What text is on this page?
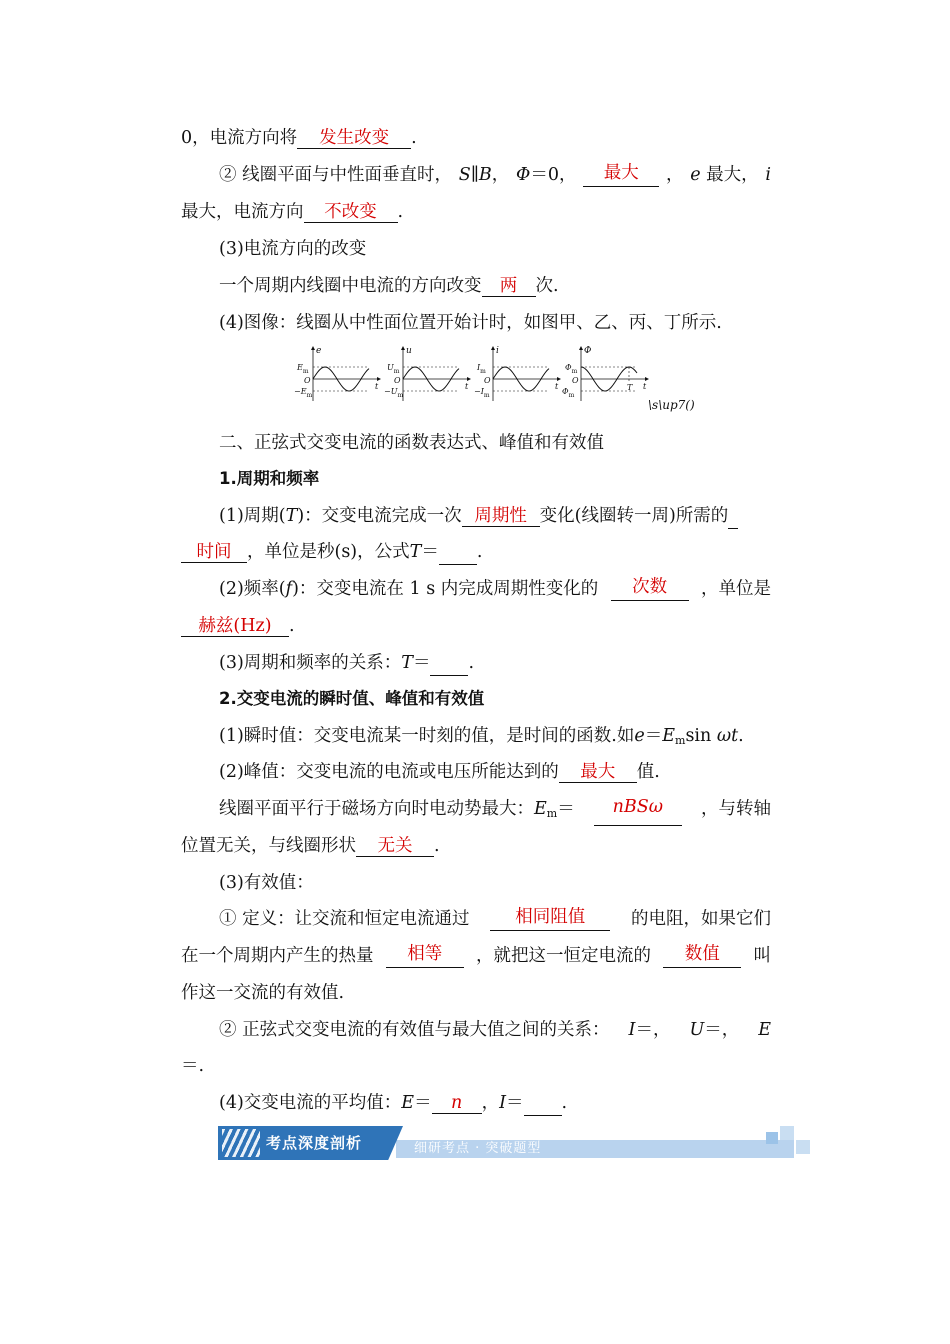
0，电流方向将 发生改变 .
② 线圈平面与中性面垂直时， S∥B， Φ＝0，	最大	， e 最大， i
最大，电流方向 不改变 .
(3)电流方向的改变
一个周期内线圈中电流的方向改变 两 次.
(4)图像：线圈从中性面位置开始计时，如图甲、乙、丙、丁所示.
e
E m
−E m
O
t
u
U m
−U m
O
t
i
I m
−I m
O
t
Φ
Φ m
Φ m
O
t
T
\s\up7()
二、正弦式交变电流的函数表达式、峰值和有效值
1.周期和频率
(1)周期(T)：交变电流完成一次 周期性 变化(线圈转一周)所需的
时间 ，单位是秒(s)，公式T＝ .
(2)频率(f)：交变电流在 1 s 内完成周期性变化的	次数	，单位是
赫兹(Hz) .
(3)周期和频率的关系：T＝ .
2.交变电流的瞬时值、峰值和有效值
(1)瞬时值：交变电流某一时刻的值，是时间的函数.如$e=E_m\sin$ ωt.
(2)峰值：交变电流的电流或电压所能达到的 最大 值.
线圈平面平行于磁场方向时电动势最大：$E_m=$	nBSω	，与转轴
位置无关，与线圈形状 无关 .
(3)有效值：
① 定义：让交流和恒定电流通过	相同阻值	的电阻，如果它们
在一个周期内产生的热量	相等	，就把这一恒定电流的	数值	叫
作这一交流的有效值.
② 正弦式交变电流的有效值与最大值之间的关系： I＝， U＝， E
＝.
(4)交变电流的平均值：E＝ n ，I＝ .
考点深度剖析	细研考点 · 突破题型
